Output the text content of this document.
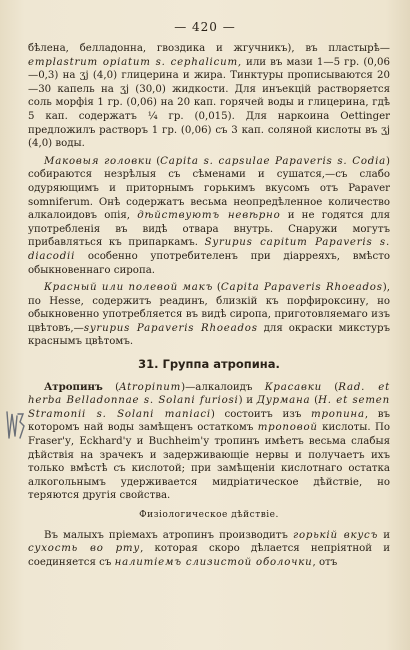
— 420 —

бѣлена, белладонна, гвоздика и жгучникъ), въ пластырѣ—emplastrum opiatum s. cephalicum, или въ мази 1—5 гр. (0,06—0,3) на ʒj (4,0) глицерина и жира. Тинктуры прописываются 20—30 капель на ʒj (30,0) жидкости. Для инъекцій растворяется соль морфія 1 гр. (0,06) на 20 кап. горячей воды и глицерина, гдѣ 5 кап. содержатъ ¼ гр. (0,015). Для наркоина Oettinger предложилъ растворъ 1 гр. (0,06) съ 3 кап. соляной кислоты въ ʒj (4,0) воды.

Маковыя головки (Capita s. capsulae Papaveris s. Codia) собираются незрѣлыя съ сѣменами и сушатся,—съ слабо одуряющимъ и приторнымъ горькимъ вкусомъ отъ Papaver somniferum. Онѣ содержатъ весьма неопредѣленное количество алкалоидовъ опія, дѣйствуютъ невѣрно и не годятся для употребленія въ видѣ отвара внутрь. Снаружи могутъ прибавляться къ припаркамъ. Syrupus capitum Papaveris s. diacodii особенно употребителенъ при діарреяхъ, вмѣсто обыкновеннаго сиропа.

Красный или полевой макъ (Capita Papaveris Rhoeados), по Hesse, содержитъ реадинъ, близкій къ порфироксину, но обыкновенно употребляется въ видѣ сиропа, приготовляемаго изъ цвѣтовъ,—syrupus Papaveris Rhoeados для окраски микстуръ краснымъ цвѣтомъ.

31. Группа атропина.

Атропинъ (Atropinum)—алкалоидъ Красавки (Rad. et herba Belladonnae s. Solani furiosi) и Дурмана (H. et semen Stramonii s. Solani maniaci) состоитъ изъ тропина, въ которомъ най воды замѣщенъ остаткомъ троповой кислоты. По Fraser'у, Eckhard'у и Buchheim'у тропинъ имѣетъ весьма слабыя дѣйствія на зрачекъ и задерживающіе нервы и получаетъ ихъ только вмѣстѣ съ кислотой; при замѣщеніи кислотнаго остатка алкогольнымъ удерживается мидріатическое дѣйствіе, но теряются другія свойства.

Физіологическое дѣйствіе.

Въ малыхъ пріемахъ атропинъ производитъ горькій вкусъ и сухость во рту, которая скоро дѣлается непріятной и соединяется съ налитіемъ слизистой оболочки, отъ
